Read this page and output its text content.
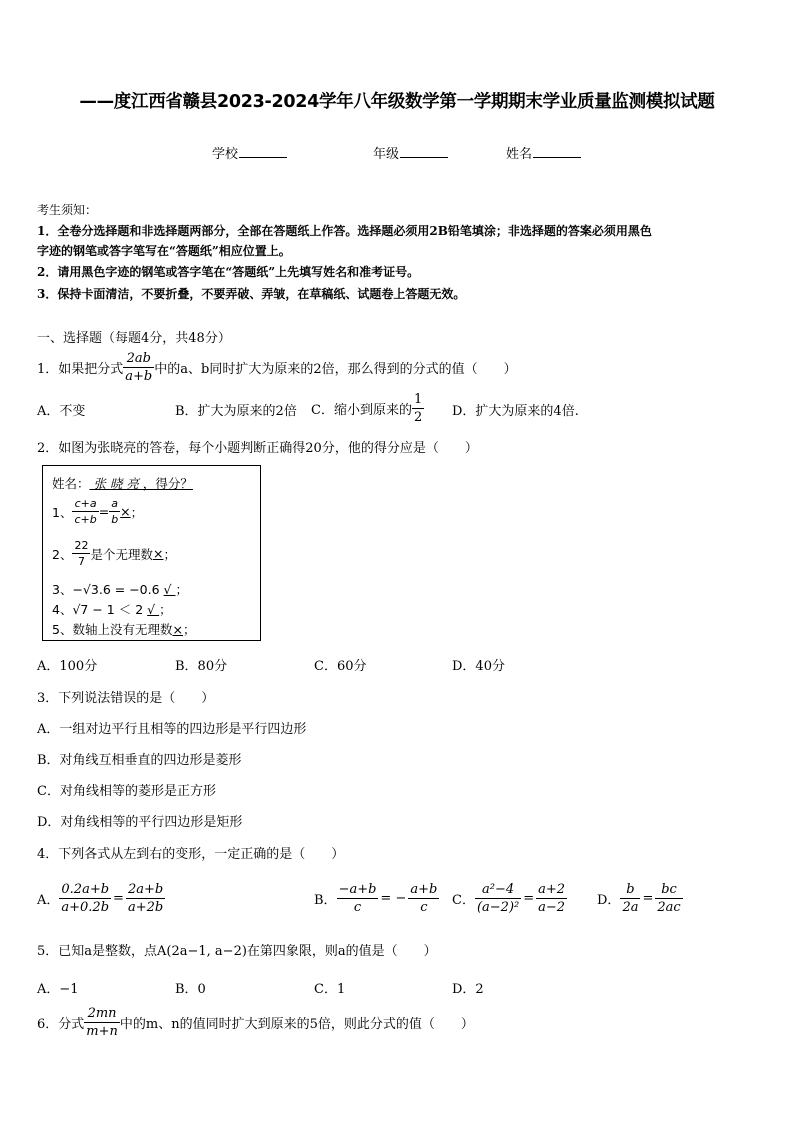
——度江西省赣县2023-2024学年八年级数学第一学期期末学业质量监测模拟试题
学校	年级	姓名
考生须知：
1．全卷分选择题和非选择题两部分，全部在答题纸上作答。选择题必须用2B铅笔填涂；非选择题的答案必须用黑色
字迹的钢笔或答字笔写在“答题纸”相应位置上。
2．请用黑色字迹的钢笔或答字笔在“答题纸”上先填写姓名和准考证号。
3．保持卡面清洁，不要折叠，不要弄破、弄皱，在草稿纸、试题卷上答题无效。
一、选择题（每题4分，共48分）
1．如果把分式 $\frac{2ab}{a+b}$ 中的a、b同时扩大为原来的2倍，那么得到的分式的值（　　）
A．不变	B．扩大为原来的2倍 C．缩小到原来的 $\frac{1}{2}$ D．扩大为原来的4倍.
2．如图为张晓亮的答卷，每个小题判断正确得20分，他的得分应是（　　）
姓名： 张 晓 亮 ，得分？
1、 $\frac{c+a}{c+b} = \frac{a}{b}$ × ；
2、 $\frac{22}{7}$ 是个无理数 × ；
3、−√3.6 = −0.6 √ ；
4、√7 − 1 ＜ 2 √ ；
5、数轴上没有无理数×；
A．100分	B．80分	C．60分	D．40分
3．下列说法错误的是（　　）
A．一组对边平行且相等的四边形是平行四边形
B．对角线互相垂直的四边形是菱形
C．对角线相等的菱形是正方形
D．对角线相等的平行四边形是矩形
4．下列各式从左到右的变形，一定正确的是（　　）
A． $\frac{0.2a+b}{a+0.2b} = \frac{2a+b}{a+2b}$	B． $\frac{-a+b}{c}$ = − $\frac{a+b}{c}$ C． $\frac{\text{a²−4}}{\text{(a−2)²}} = \frac{a+2}{a-2}$ D． $\frac{b}{2a} = \frac{bc}{2ac}$
5．已知a是整数，点A(2a−1, a−2)在第四象限，则a的值是（　　）
A．−1	B．0	C．1	D．2
6．分式 $\frac{2mn}{m+n}$ 中的m、n的值同时扩大到原来的5倍，则此分式的值（　　）
